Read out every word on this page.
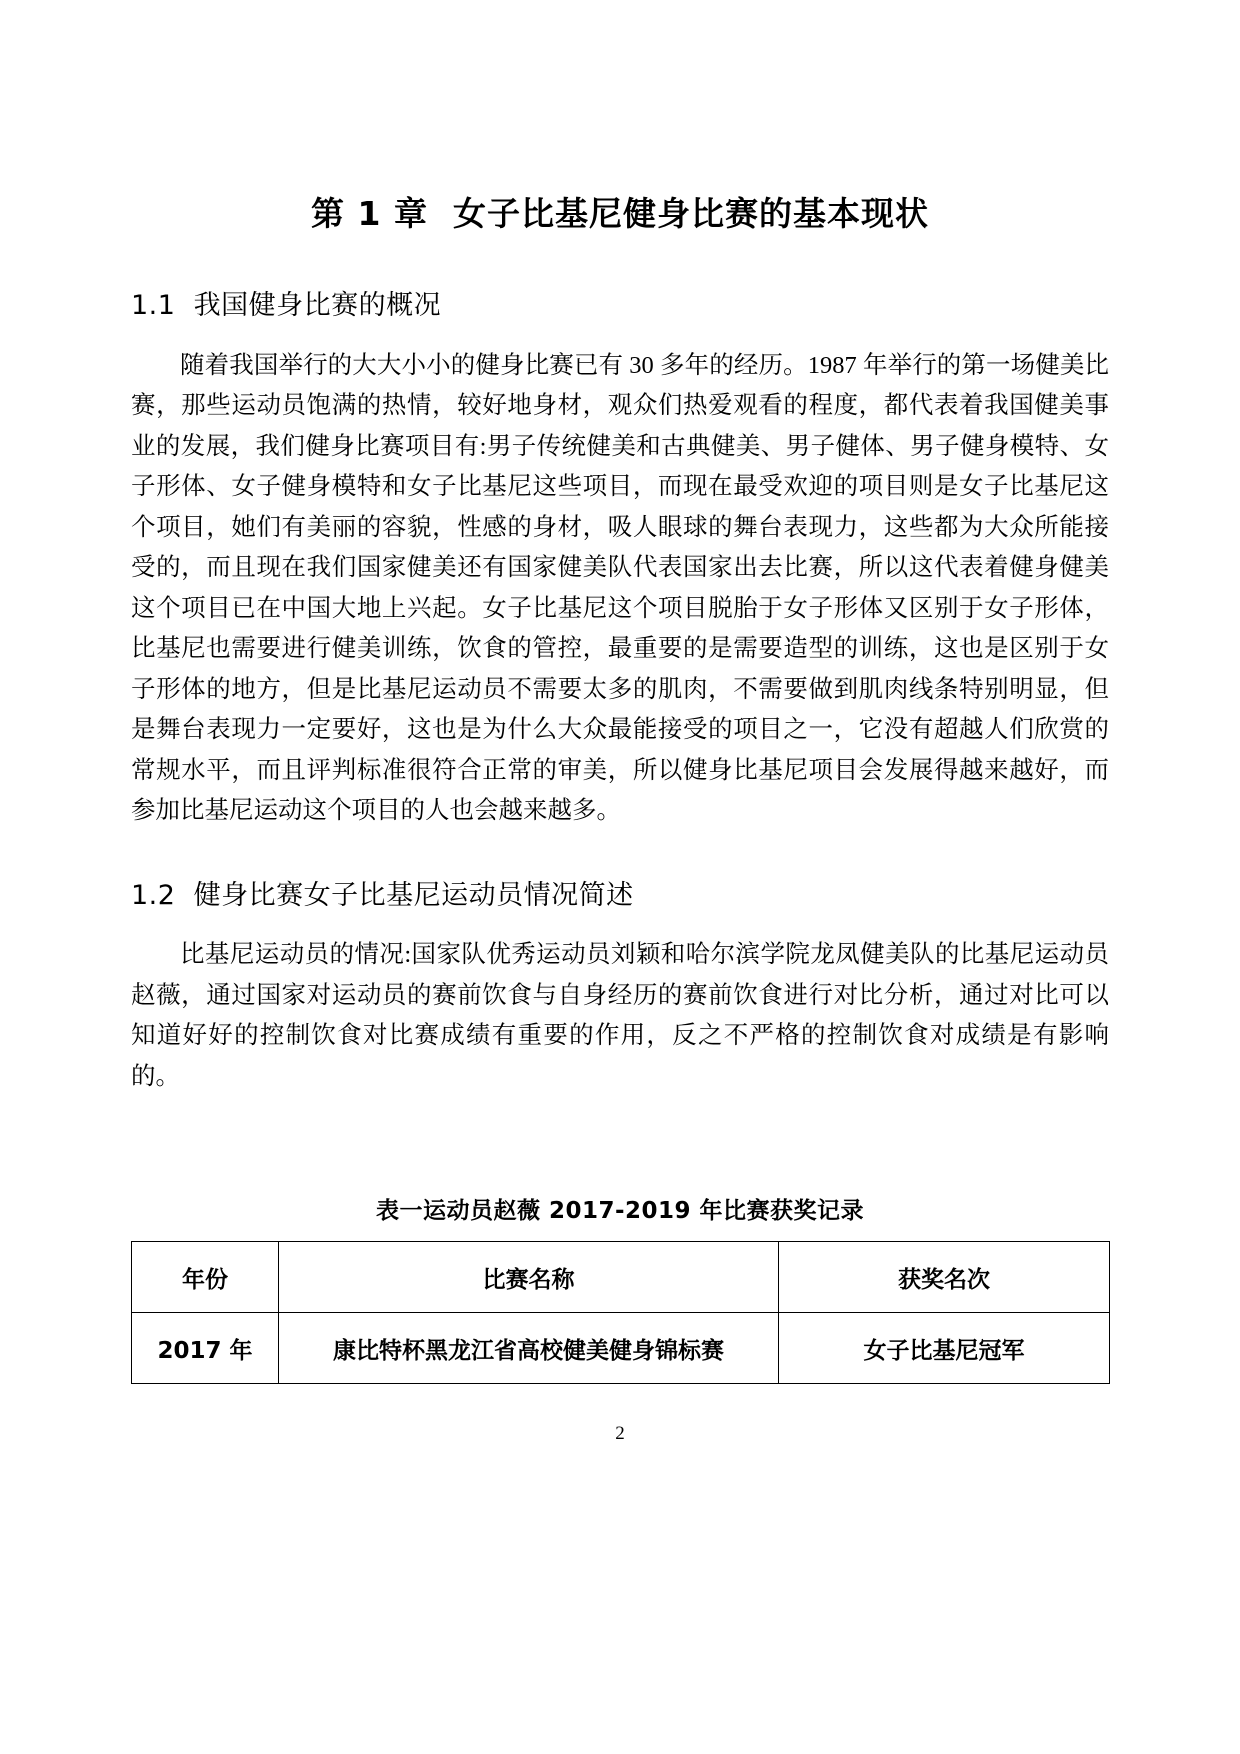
第 1 章  女子比基尼健身比赛的基本现状
1.1  我国健身比赛的概况

随着我国举行的大大小小的健身比赛已有 30 多年的经历。1987 年举行的第一场健美比赛，那些运动员饱满的热情，较好地身材，观众们热爱观看的程度，都代表着我国健美事业的发展，我们健身比赛项目有:男子传统健美和古典健美、男子健体、男子健身模特、女子形体、女子健身模特和女子比基尼这些项目，而现在最受欢迎的项目则是女子比基尼这个项目，她们有美丽的容貌，性感的身材，吸人眼球的舞台表现力，这些都为大众所能接受的，而且现在我们国家健美还有国家健美队代表国家出去比赛，所以这代表着健身健美这个项目已在中国大地上兴起。女子比基尼这个项目脱胎于女子形体又区别于女子形体，比基尼也需要进行健美训练，饮食的管控，最重要的是需要造型的训练，这也是区别于女子形体的地方，但是比基尼运动员不需要太多的肌肉，不需要做到肌肉线条特别明显，但是舞台表现力一定要好，这也是为什么大众最能接受的项目之一，它没有超越人们欣赏的常规水平，而且评判标准很符合正常的审美，所以健身比基尼项目会发展得越来越好，而参加比基尼运动这个项目的人也会越来越多。

1.2  健身比赛女子比基尼运动员情况简述

比基尼运动员的情况:国家队优秀运动员刘颖和哈尔滨学院龙凤健美队的比基尼运动员赵薇，通过国家对运动员的赛前饮食与自身经历的赛前饮食进行对比分析，通过对比可以知道好好的控制饮食对比赛成绩有重要的作用，反之不严格的控制饮食对成绩是有影响的。

表一运动员赵薇 2017-2019 年比赛获奖记录
年份	比赛名称	获奖名次
2017 年	康比特杯黑龙江省高校健美健身锦标赛	女子比基尼冠军
2
